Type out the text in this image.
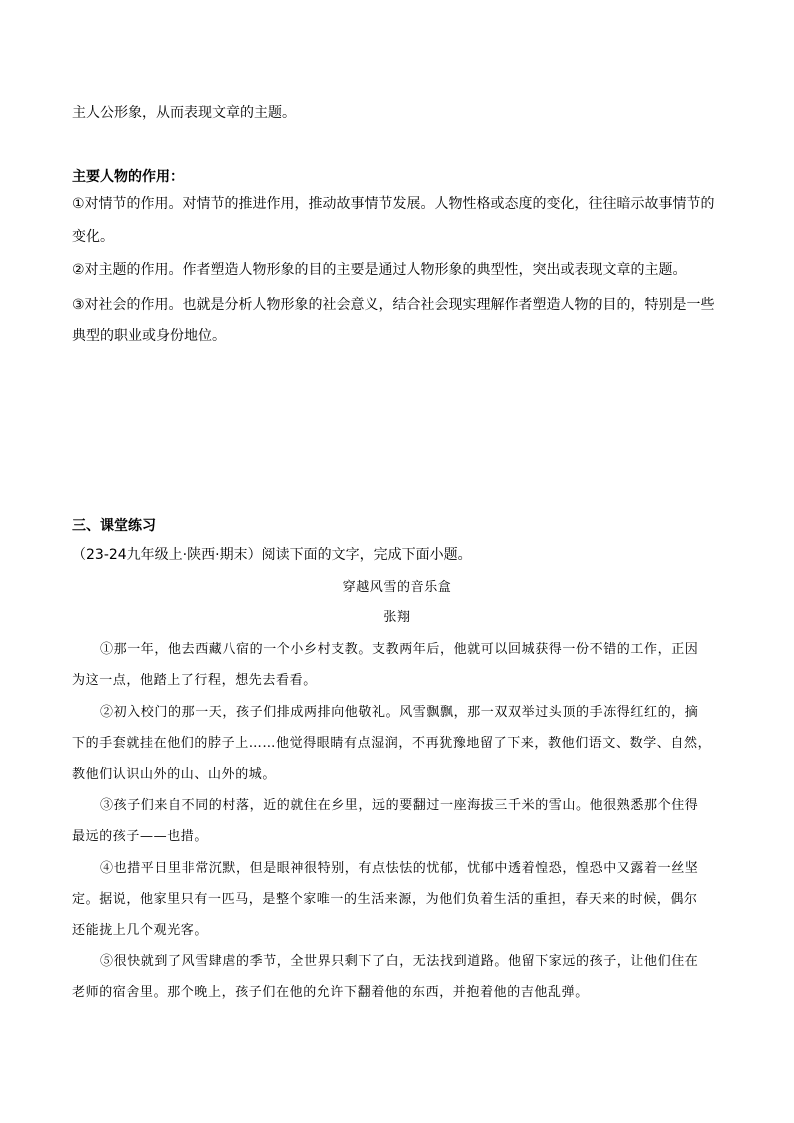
主人公形象，从而表现文章的主题。
主要人物的作用：
①对情节的作用。对情节的推进作用，推动故事情节发展。人物性格或态度的变化，往往暗示故事情节的
变化。
②对主题的作用。作者塑造人物形象的目的主要是通过人物形象的典型性，突出或表现文章的主题。
③对社会的作用。也就是分析人物形象的社会意义，结合社会现实理解作者塑造人物的目的，特别是一些
典型的职业或身份地位。
三、课堂练习
（23-24九年级上·陕西·期末）阅读下面的文字，完成下面小题。
穿越风雪的音乐盒
张翔
①那一年，他去西藏八宿的一个小乡村支教。支教两年后，他就可以回城获得一份不错的工作，正因
为这一点，他踏上了行程，想先去看看。
②初入校门的那一天，孩子们排成两排向他敬礼。风雪飘飘，那一双双举过头顶的手冻得红红的，摘
下的手套就挂在他们的脖子上……他觉得眼睛有点湿润，不再犹豫地留了下来，教他们语文、数学、自然，
教他们认识山外的山、山外的城。
③孩子们来自不同的村落，近的就住在乡里，远的要翻过一座海拔三千米的雪山。他很熟悉那个住得
最远的孩子——也措。
④也措平日里非常沉默，但是眼神很特别，有点怯怯的忧郁，忧郁中透着惶恐，惶恐中又露着一丝坚
定。据说，他家里只有一匹马，是整个家唯一的生活来源，为他们负着生活的重担，春天来的时候，偶尔
还能拢上几个观光客。
⑤很快就到了风雪肆虐的季节，全世界只剩下了白，无法找到道路。他留下家远的孩子，让他们住在
老师的宿舍里。那个晚上，孩子们在他的允许下翻着他的东西，并抱着他的吉他乱弹。
